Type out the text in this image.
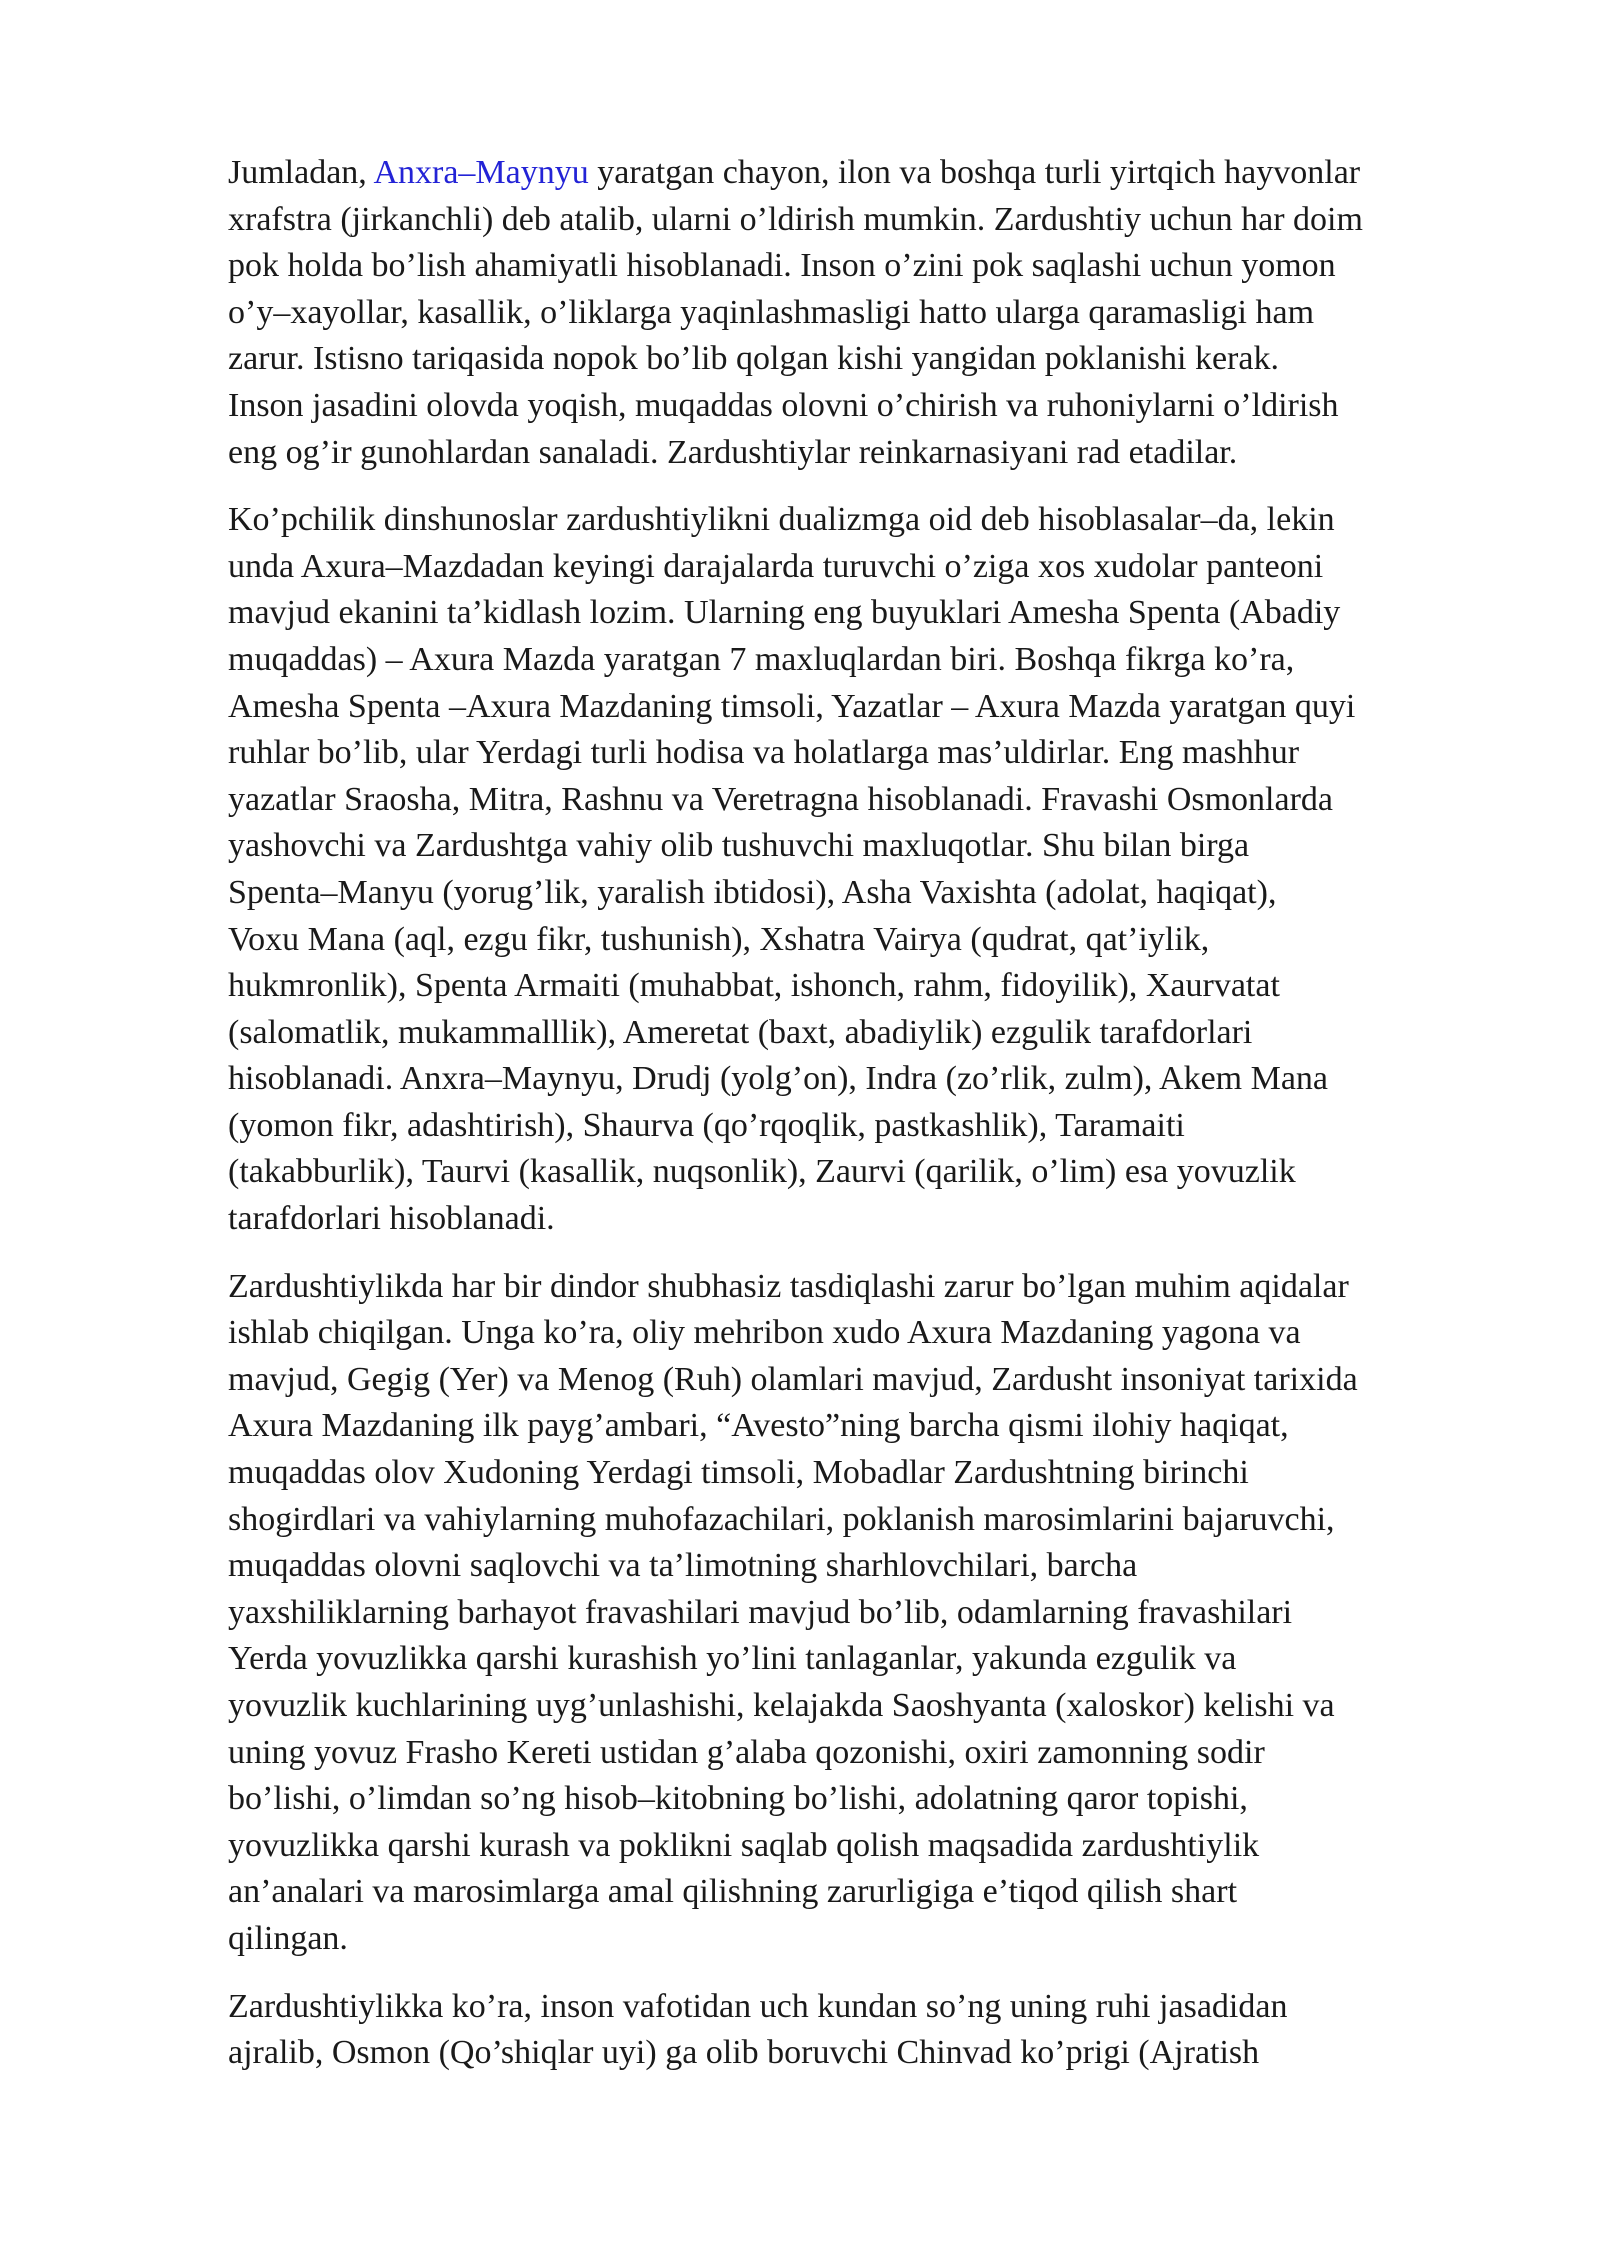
Jumladan, Anxra–Maynyu yaratgan chayon, ilon va boshqa turli yirtqich hayvonlar
xrafstra (jirkanchli) deb atalib, ularni o’ldirish mumkin. Zardushtiy uchun har doim
pok holda bo’lish ahamiyatli hisoblanadi. Inson o’zini pok saqlashi uchun yomon
o’y–xayollar, kasallik, o’liklarga yaqinlashmasligi hatto ularga qaramasligi ham
zarur. Istisno tariqasida nopok bo’lib qolgan kishi yangidan poklanishi kerak.
Inson jasadini olovda yoqish, muqaddas olovni o’chirish va ruhoniylarni o’ldirish
eng og’ir gunohlardan sanaladi. Zardushtiylar reinkarnasiyani rad etadilar.

Ko’pchilik dinshunoslar zardushtiylikni dualizmga oid deb hisoblasalar–da, lekin
unda Axura–Mazdadan keyingi darajalarda turuvchi o’ziga xos xudolar panteoni
mavjud ekanini ta’kidlash lozim. Ularning eng buyuklari Amesha Spenta (Abadiy
muqaddas) – Axura Mazda yaratgan 7 maxluqlardan biri. Boshqa fikrga ko’ra,
Amesha Spenta –Axura Mazdaning timsoli, Yazatlar – Axura Mazda yaratgan quyi
ruhlar bo’lib, ular Yerdagi turli hodisa va holatlarga mas’uldirlar. Eng mashhur
yazatlar Sraosha, Mitra, Rashnu va Veretragna hisoblanadi. Fravashi Osmonlarda
yashovchi va Zardushtga vahiy olib tushuvchi maxluqotlar. Shu bilan birga
Spenta–Manyu (yorug’lik, yaralish ibtidosi), Asha Vaxishta (adolat, haqiqat),
Voxu Mana (aql, ezgu fikr, tushunish), Xshatra Vairya (qudrat, qat’iylik,
hukmronlik), Spenta Armaiti (muhabbat, ishonch, rahm, fidoyilik), Xaurvatat
(salomatlik, mukammalllik), Ameretat (baxt, abadiylik) ezgulik tarafdorlari
hisoblanadi. Anxra–Maynyu, Drudj (yolg’on), Indra (zo’rlik, zulm), Akem Mana
(yomon fikr, adashtirish), Shaurva (qo’rqoqlik, pastkashlik), Taramaiti
(takabburlik), Taurvi (kasallik, nuqsonlik), Zaurvi (qarilik, o’lim) esa yovuzlik
tarafdorlari hisoblanadi.

Zardushtiylikda har bir dindor shubhasiz tasdiqlashi zarur bo’lgan muhim aqidalar
ishlab chiqilgan. Unga ko’ra, oliy mehribon xudo Axura Mazdaning yagona va
mavjud, Gegig (Yer) va Menog (Ruh) olamlari mavjud, Zardusht insoniyat tarixida
Axura Mazdaning ilk payg’ambari, “Avesto”ning barcha qismi ilohiy haqiqat,
muqaddas olov Xudoning Yerdagi timsoli, Mobadlar Zardushtning birinchi
shogirdlari va vahiylarning muhofazachilari, poklanish marosimlarini bajaruvchi,
muqaddas olovni saqlovchi va ta’limotning sharhlovchilari, barcha
yaxshiliklarning barhayot fravashilari mavjud bo’lib, odamlarning fravashilari
Yerda yovuzlikka qarshi kurashish yo’lini tanlaganlar, yakunda ezgulik va
yovuzlik kuchlarining uyg’unlashishi, kelajakda Saoshyanta (xaloskor) kelishi va
uning yovuz Frasho Kereti ustidan g’alaba qozonishi, oxiri zamonning sodir
bo’lishi, o’limdan so’ng hisob–kitobning bo’lishi, adolatning qaror topishi,
yovuzlikka qarshi kurash va poklikni saqlab qolish maqsadida zardushtiylik
an’analari va marosimlarga amal qilishning zarurligiga e’tiqod qilish shart
qilingan.

Zardushtiylikka ko’ra, inson vafotidan uch kundan so’ng uning ruhi jasadidan
ajralib, Osmon (Qo’shiqlar uyi) ga olib boruvchi Chinvad ko’prigi (Ajratish
